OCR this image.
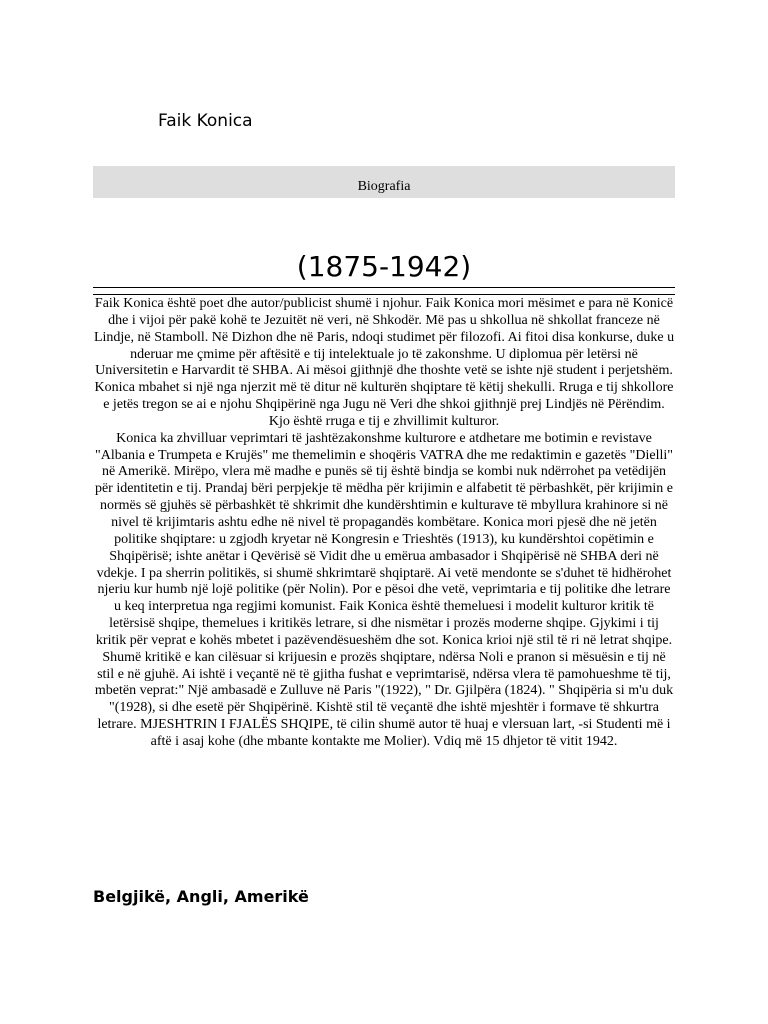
Faik Konica
Biografia
(1875-1942)

Faik Konica është poet dhe autor/publicist shumë i njohur. Faik Konica mori mësimet e para në Konicë dhe i vijoi për pakë kohë te Jezuitët në veri, në Shkodër. Më pas u shkollua në shkollat franceze në Lindje, në Stamboll. Në Dizhon dhe në Paris, ndoqi studimet për filozofi. Ai fitoi disa konkurse, duke u nderuar me çmime për aftësitë e tij intelektuale jo të zakonshme. U diplomua për letërsi në Universitetin e Harvardit të SHBA. Ai mësoi gjithnjë dhe thoshte vetë se ishte një student i perjetshëm. Konica mbahet si një nga njerzit më të ditur në kulturën shqiptare të këtij shekulli. Rruga e tij shkollore e jetës tregon se ai e njohu Shqipërinë nga Jugu në Veri dhe shkoi gjithnjë prej Lindjës në Përëndim. Kjo është rruga e tij e zhvillimit kulturor.

Konica ka zhvilluar veprimtari të jashtëzakonshme kulturore e atdhetare me botimin e revistave "Albania e Trumpeta e Krujës" me themelimin e shoqëris VATRA dhe me redaktimin e gazetës "Dielli" në Amerikë. Mirëpo, vlera më madhe e punës së tij është bindja se kombi nuk ndërrohet pa vetëdijën për identitetin e tij. Prandaj bëri perpjekje të mëdha për krijimin e alfabetit të përbashkët, për krijimin e normës së gjuhës së përbashkët të shkrimit dhe kundërshtimin e kulturave të mbyllura krahinore si në nivel të krijimtaris ashtu edhe në nivel të propagandës kombëtare. Konica mori pjesë dhe në jetën politike shqiptare: u zgjodh kryetar në Kongresin e Trieshtës (1913), ku kundërshtoi copëtimin e Shqipërisë; ishte anëtar i Qevërisë së Vidit dhe u emërua ambasador i Shqipërisë në SHBA deri në vdekje. I pa sherrin politikës, si shumë shkrimtarë shqiptarë. Ai vetë mendonte se s'duhet të hidhërohet njeriu kur humb një lojë politike (për Nolin). Por e pësoi dhe vetë, veprimtaria e tij politike dhe letrare u keq interpretua nga regjimi komunist. Faik Konica është themeluesi i modelit kulturor kritik të letërsisë shqipe, themelues i kritikës letrare, si dhe nismëtar i prozës moderne shqipe. Gjykimi i tij kritik për veprat e kohës mbetet i pazëvendësueshëm dhe sot. Konica krioi një stil të ri në letrat shqipe. Shumë kritikë e kan cilësuar si krijuesin e prozës shqiptare, ndërsa Noli e pranon si mësuësin e tij në stil e në gjuhë. Ai ishtë i veçantë në të gjitha fushat e veprimtarisë, ndërsa vlera të pamohueshme të tij, mbetën veprat:" Një ambasadë e Zulluve në Paris "(1922), " Dr. Gjilpëra (1824). " Shqipëria si m'u duk "(1928), si dhe esetë për Shqipërinë. Kishtë stil të veçantë dhe ishtë mjeshtër i formave të shkurtra letrare. MJESHTRIN I FJALËS SHQIPE, të cilin shumë autor të huaj e vlersuan lart, -si Studenti më i aftë i asaj kohe (dhe mbante kontakte me Molier). Vdiq më 15 dhjetor të vitit 1942.

Belgjikë, Angli, Amerikë
